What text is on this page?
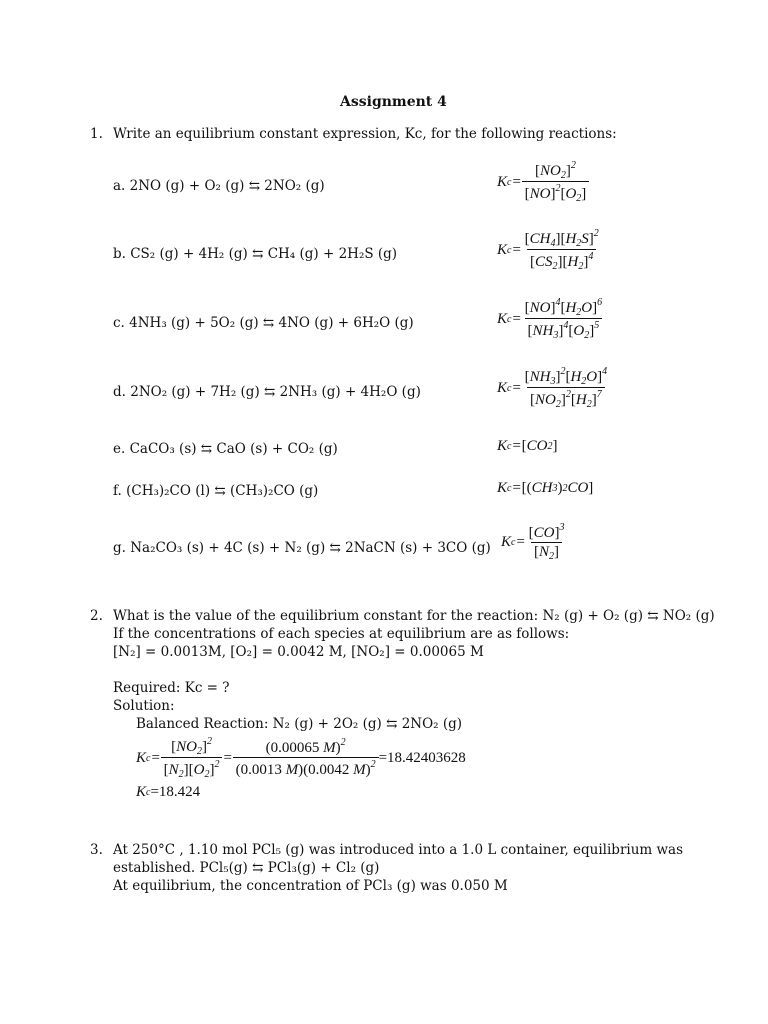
Assignment 4
1. Write an equilibrium constant expression, Kc, for the following reactions:
a. 2NO (g) + O₂ (g) ⇆ 2NO₂ (g)
b. CS₂ (g) + 4H₂ (g) ⇆ CH₄ (g) + 2H₂S (g)
c. 4NH₃ (g) + 5O₂ (g) ⇆ 4NO (g) + 6H₂O (g)
d. 2NO₂ (g) + 7H₂ (g) ⇆ 2NH₃ (g) + 4H₂O (g)
e. CaCO₃ (s) ⇆ CaO (s) + CO₂ (g)
f. (CH₃)₂CO (l) ⇆ (CH₃)₂CO (g)
g. Na₂CO₃ (s) + 4C (s) + N₂ (g) ⇆ 2NaCN (s) + 3CO (g)
K $c = \frac{[NO_2]^2}{[NO]^2[O_2]}$
K $c = \frac{[CH_4][H_2S]^2}{[CS_2][H_2]^4}$
K $c = \frac{[NO]^4[H_2O]^6}{[NH_3]^4[O_2]^5}$
K $c = \frac{[NH_3]^2[H_2O]^4}{[NO_2]^2[H_2]^7}$
K c = [ CO 2 ]
K c = [( CH 3 ) 2 CO ]
K $c = \frac{[CO]^3}{[N_2]}$
2. What is the value of the equilibrium constant for the reaction: N₂ (g) + O₂ (g) ⇆ NO₂ (g)
If the concentrations of each species at equilibrium are as follows:
[N₂] = 0.0013M, [O₂] = 0.0042 M, [NO₂] = 0.00065 M
Required: Kc = ?
Solution:
Balanced Reaction: N₂ (g) + 2O₂ (g) ⇆ 2NO₂ (g)
K $c = \frac{[NO_2]^2}{[N_2][O_2]^2} = \frac{(0.00065 M)^2}{(0.0013 M)(0.0042 M)^2} =18.42403628$
K c =18.424
3. At 250°C , 1.10 mol PCl₅ (g) was introduced into a 1.0 L container, equilibrium was
established. PCl₅(g) ⇆ PCl₃(g) + Cl₂ (g)
At equilibrium, the concentration of PCl₃ (g) was 0.050 M
